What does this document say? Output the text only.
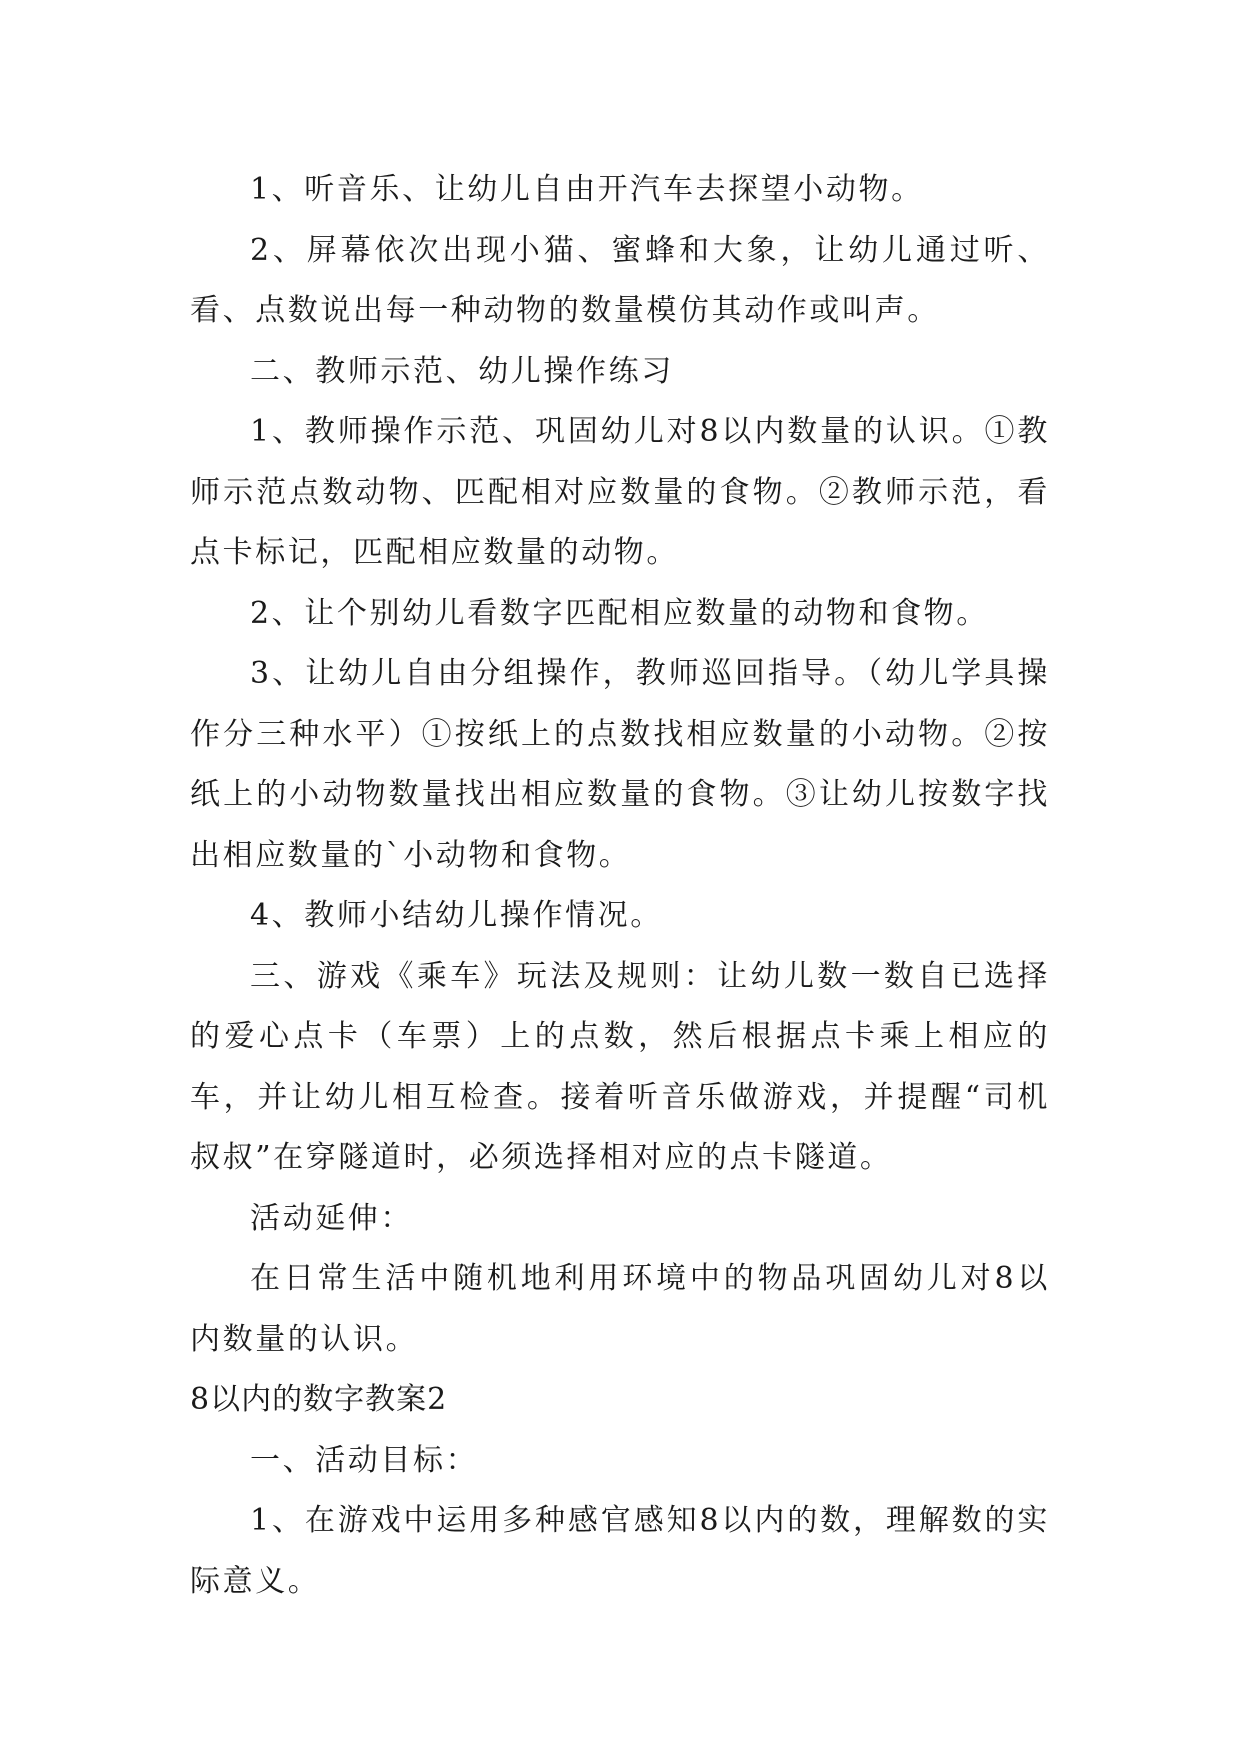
1、听音乐、让幼儿自由开汽车去探望小动物。

2、屏幕依次出现小猫、蜜蜂和大象，让幼儿通过听、看、点数说出每一种动物的数量模仿其动作或叫声。

二、教师示范、幼儿操作练习

1、教师操作示范、巩固幼儿对8以内数量的认识。①教师示范点数动物、匹配相对应数量的食物。②教师示范，看点卡标记，匹配相应数量的动物。

2、让个别幼儿看数字匹配相应数量的动物和食物。

3、让幼儿自由分组操作，教师巡回指导。（幼儿学具操作分三种水平）①按纸上的点数找相应数量的小动物。②按纸上的小动物数量找出相应数量的食物。③让幼儿按数字找出相应数量的`小动物和食物。

4、教师小结幼儿操作情况。

三、游戏《乘车》玩法及规则：让幼儿数一数自已选择的爱心点卡（车票）上的点数，然后根据点卡乘上相应的车，并让幼儿相互检查。接着听音乐做游戏，并提醒“司机叔叔”在穿隧道时，必须选择相对应的点卡隧道。

活动延伸：

在日常生活中随机地利用环境中的物品巩固幼儿对8以内数量的认识。

8以内的数字教案2

一、活动目标：

1、在游戏中运用多种感官感知8以内的数，理解数的实际意义。
